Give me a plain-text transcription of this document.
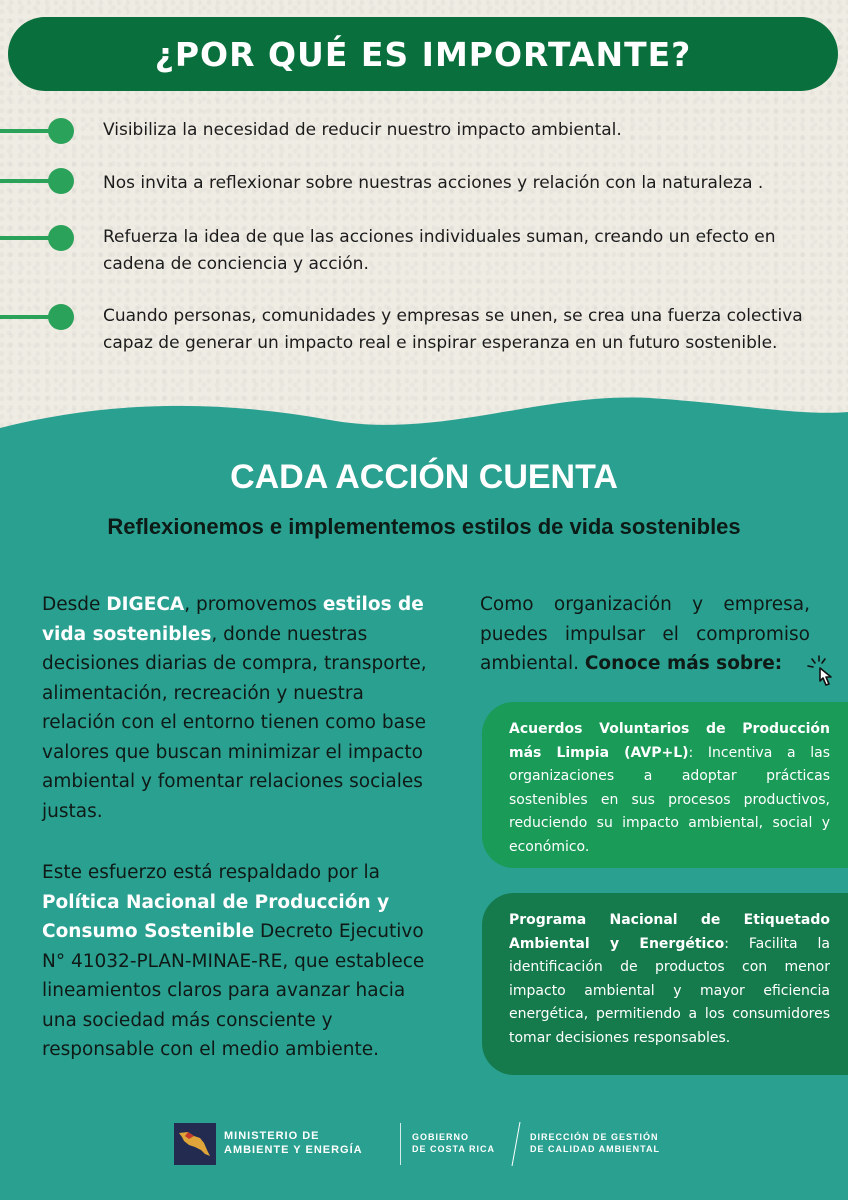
¿POR QUÉ ES IMPORTANTE?
Visibiliza la necesidad de reducir nuestro impacto ambiental.
Nos invita a reflexionar sobre nuestras acciones y relación con la naturaleza .
Refuerza la idea de que las acciones individuales suman, creando un efecto en cadena de conciencia y acción.
Cuando personas, comunidades y empresas se unen, se crea una fuerza colectiva capaz de generar un impacto real e inspirar esperanza en un futuro sostenible.
CADA ACCIÓN CUENTA
Reflexionemos e implementemos estilos de vida sostenibles
Desde DIGECA, promovemos estilos de vida sostenibles, donde nuestras decisiones diarias de compra, transporte, alimentación, recreación y nuestra relación con el entorno tienen como base valores que buscan minimizar el impacto ambiental y fomentar relaciones sociales justas.
Este esfuerzo está respaldado por la Política Nacional de Producción y Consumo Sostenible Decreto Ejecutivo N° 41032-PLAN-MINAE-RE, que establece lineamientos claros para avanzar hacia una sociedad más consciente y responsable con el medio ambiente.
Como organización y empresa, puedes impulsar el compromiso ambiental. Conoce más sobre:
Acuerdos Voluntarios de Producción más Limpia (AVP+L): Incentiva a las organizaciones a adoptar prácticas sostenibles en sus procesos productivos, reduciendo su impacto ambiental, social y económico.
Programa Nacional de Etiquetado Ambiental y Energético: Facilita la identificación de productos con menor impacto ambiental y mayor eficiencia energética, permitiendo a los consumidores tomar decisiones responsables.
MINISTERIO DE
AMBIENTE Y ENERGÍA
GOBIERNO
DE COSTA RICA
DIRECCIÓN DE GESTIÓN
DE CALIDAD AMBIENTAL
